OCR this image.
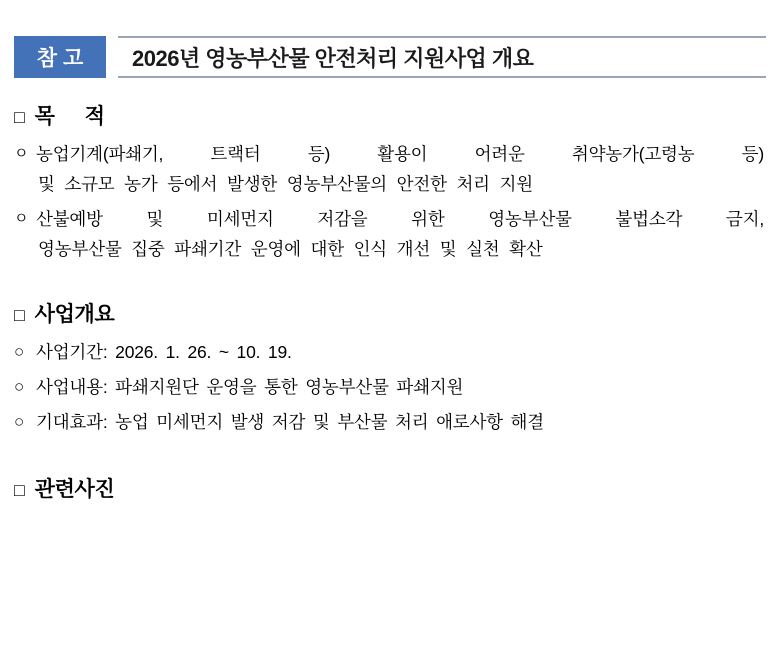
참고	2026년 영농부산물 안전처리 지원사업 개요
□ 목 적
ㅇ 농업기계(파쇄기, 트랙터 등) 활용이 어려운 취약농가(고령농 등)
및 소규모 농가 등에서 발생한 영농부산물의 안전한 처리 지원
ㅇ 산불예방 및 미세먼지 저감을 위한 영농부산물 불법소각 금지,
영농부산물 집중 파쇄기간 운영에 대한 인식 개선 및 실천 확산
□ 사업개요
○ 사업기간: 2026. 1. 26. ~ 10. 19.
○ 사업내용: 파쇄지원단 운영을 통한 영농부산물 파쇄지원
○ 기대효과: 농업 미세먼지 발생 저감 및 부산물 처리 애로사항 해결
□ 관련사진
